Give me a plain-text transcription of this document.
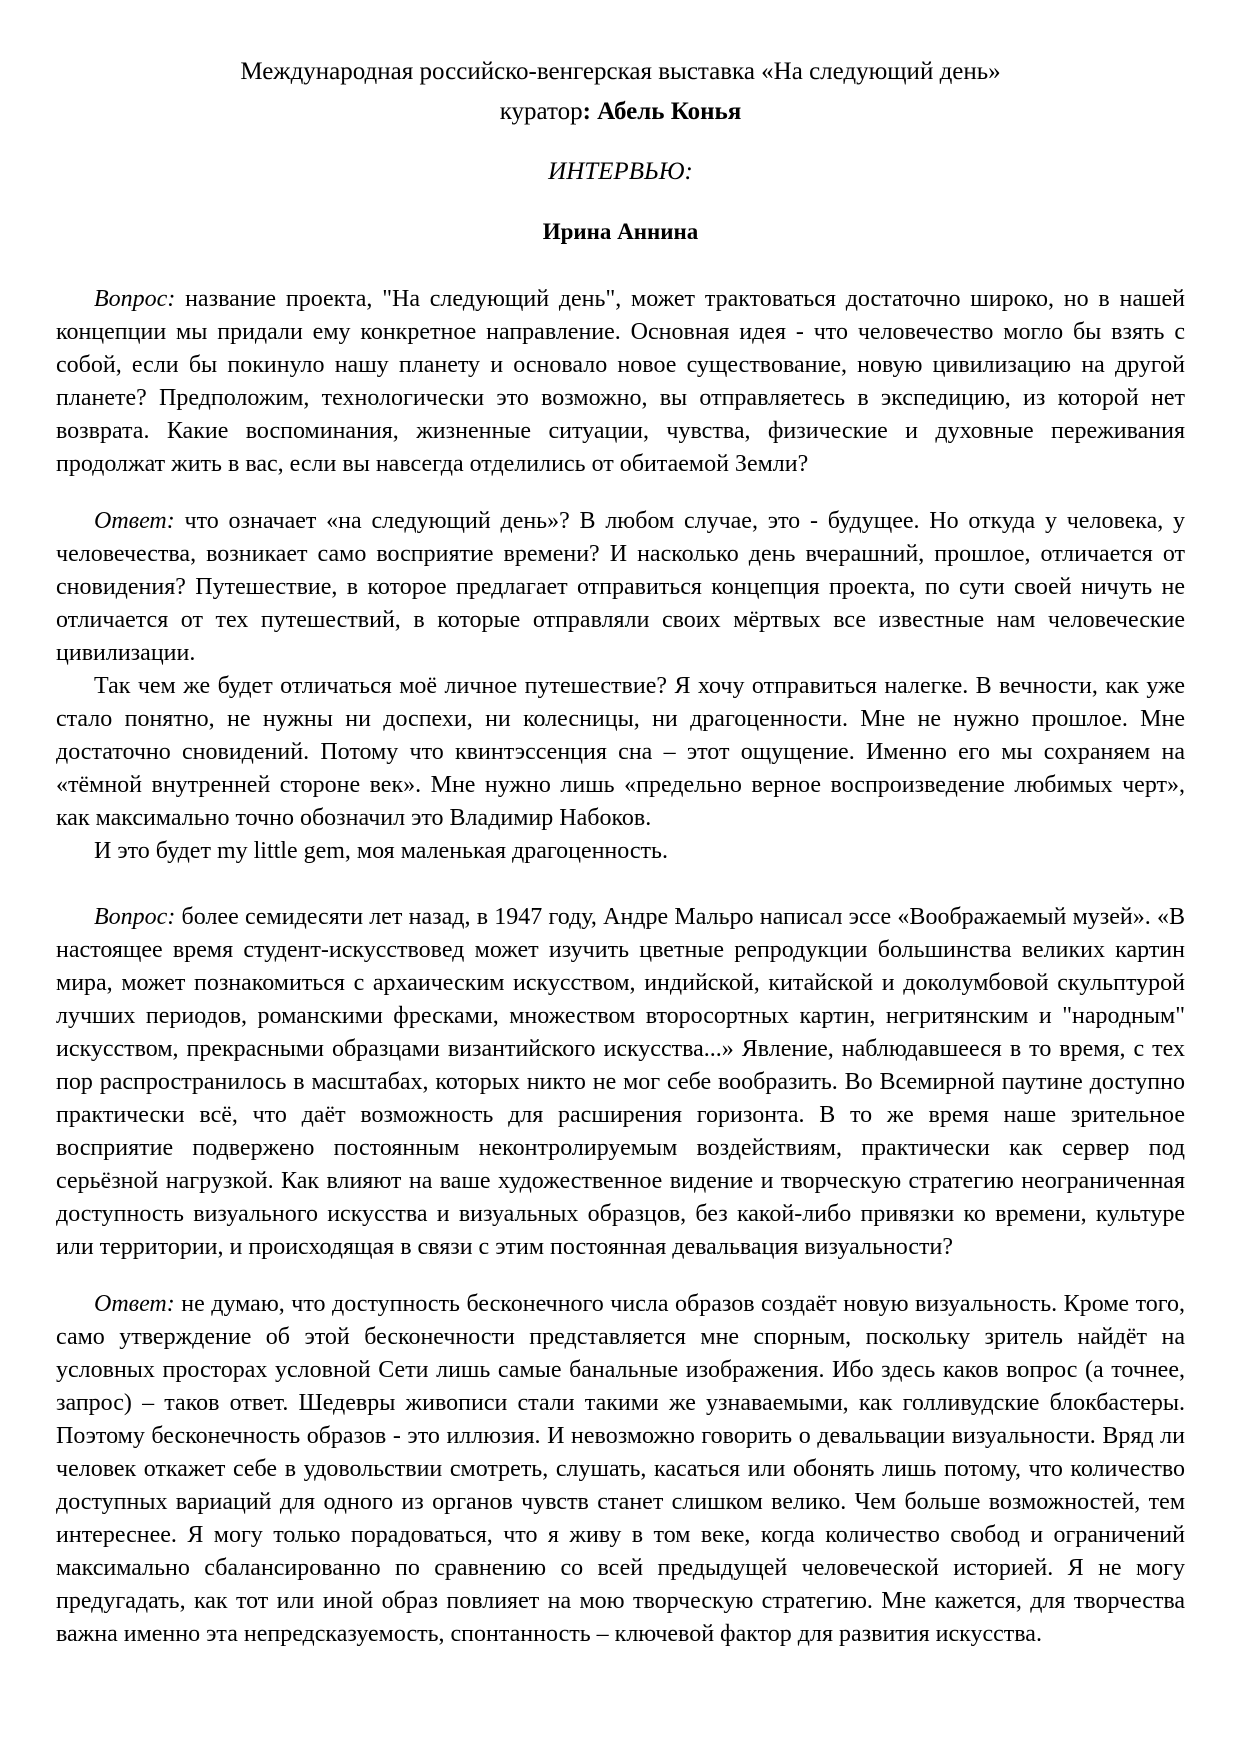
Международная российско-венгерская выставка «На следующий день»
куратор: Абель Конья
ИНТЕРВЬЮ:
Ирина Аннина

Вопрос: название проекта, "На следующий день", может трактоваться достаточно широко, но в нашей концепции мы придали ему конкретное направление. Основная идея - что человечество могло бы взять с собой, если бы покинуло нашу планету и основало новое существование, новую цивилизацию на другой планете? Предположим, технологически это возможно, вы отправляетесь в экспедицию, из которой нет возврата. Какие воспоминания, жизненные ситуации, чувства, физические и духовные переживания продолжат жить в вас, если вы навсегда отделились от обитаемой Земли?

Ответ: что означает «на следующий день»? В любом случае, это - будущее. Но откуда у человека, у человечества, возникает само восприятие времени? И насколько день вчерашний, прошлое, отличается от сновидения? Путешествие, в которое предлагает отправиться концепция проекта, по сути своей ничуть не отличается от тех путешествий, в которые отправляли своих мёртвых все известные нам человеческие цивилизации.

Так чем же будет отличаться моё личное путешествие? Я хочу отправиться налегке. В вечности, как уже стало понятно, не нужны ни доспехи, ни колесницы, ни драгоценности. Мне не нужно прошлое. Мне достаточно сновидений. Потому что квинтэссенция сна – этот ощущение. Именно его мы сохраняем на «тёмной внутренней стороне век». Мне нужно лишь «предельно верное воспроизведение любимых черт», как максимально точно обозначил это Владимир Набоков.

И это будет my little gem, моя маленькая драгоценность.

Вопрос: более семидесяти лет назад, в 1947 году, Андре Мальро написал эссе «Воображаемый музей». «В настоящее время студент-искусствовед может изучить цветные репродукции большинства великих картин мира, может познакомиться с архаическим искусством, индийской, китайской и доколумбовой скульптурой лучших периодов, романскими фресками, множеством второсортных картин, негритянским и "народным" искусством, прекрасными образцами византийского искусства...» Явление, наблюдавшееся в то время, с тех пор распространилось в масштабах, которых никто не мог себе вообразить. Во Всемирной паутине доступно практически всё, что даёт возможность для расширения горизонта. В то же время наше зрительное восприятие подвержено постоянным неконтролируемым воздействиям, практически как сервер под серьёзной нагрузкой. Как влияют на ваше художественное видение и творческую стратегию неограниченная доступность визуального искусства и визуальных образцов, без какой-либо привязки ко времени, культуре или территории, и происходящая в связи с этим постоянная девальвация визуальности?

Ответ: не думаю, что доступность бесконечного числа образов создаёт новую визуальность. Кроме того, само утверждение об этой бесконечности представляется мне спорным, поскольку зритель найдёт на условных просторах условной Сети лишь самые банальные изображения. Ибо здесь каков вопрос (а точнее, запрос) – таков ответ. Шедевры живописи стали такими же узнаваемыми, как голливудские блокбастеры. Поэтому бесконечность образов - это иллюзия. И невозможно говорить о девальвации визуальности. Вряд ли человек откажет себе в удовольствии смотреть, слушать, касаться или обонять лишь потому, что количество доступных вариаций для одного из органов чувств станет слишком велико. Чем больше возможностей, тем интереснее. Я могу только порадоваться, что я живу в том веке, когда количество свобод и ограничений максимально сбалансированно по сравнению со всей предыдущей человеческой историей. Я не могу предугадать, как тот или иной образ повлияет на мою творческую стратегию. Мне кажется, для творчества важна именно эта непредсказуемость, спонтанность – ключевой фактор для развития искусства.
